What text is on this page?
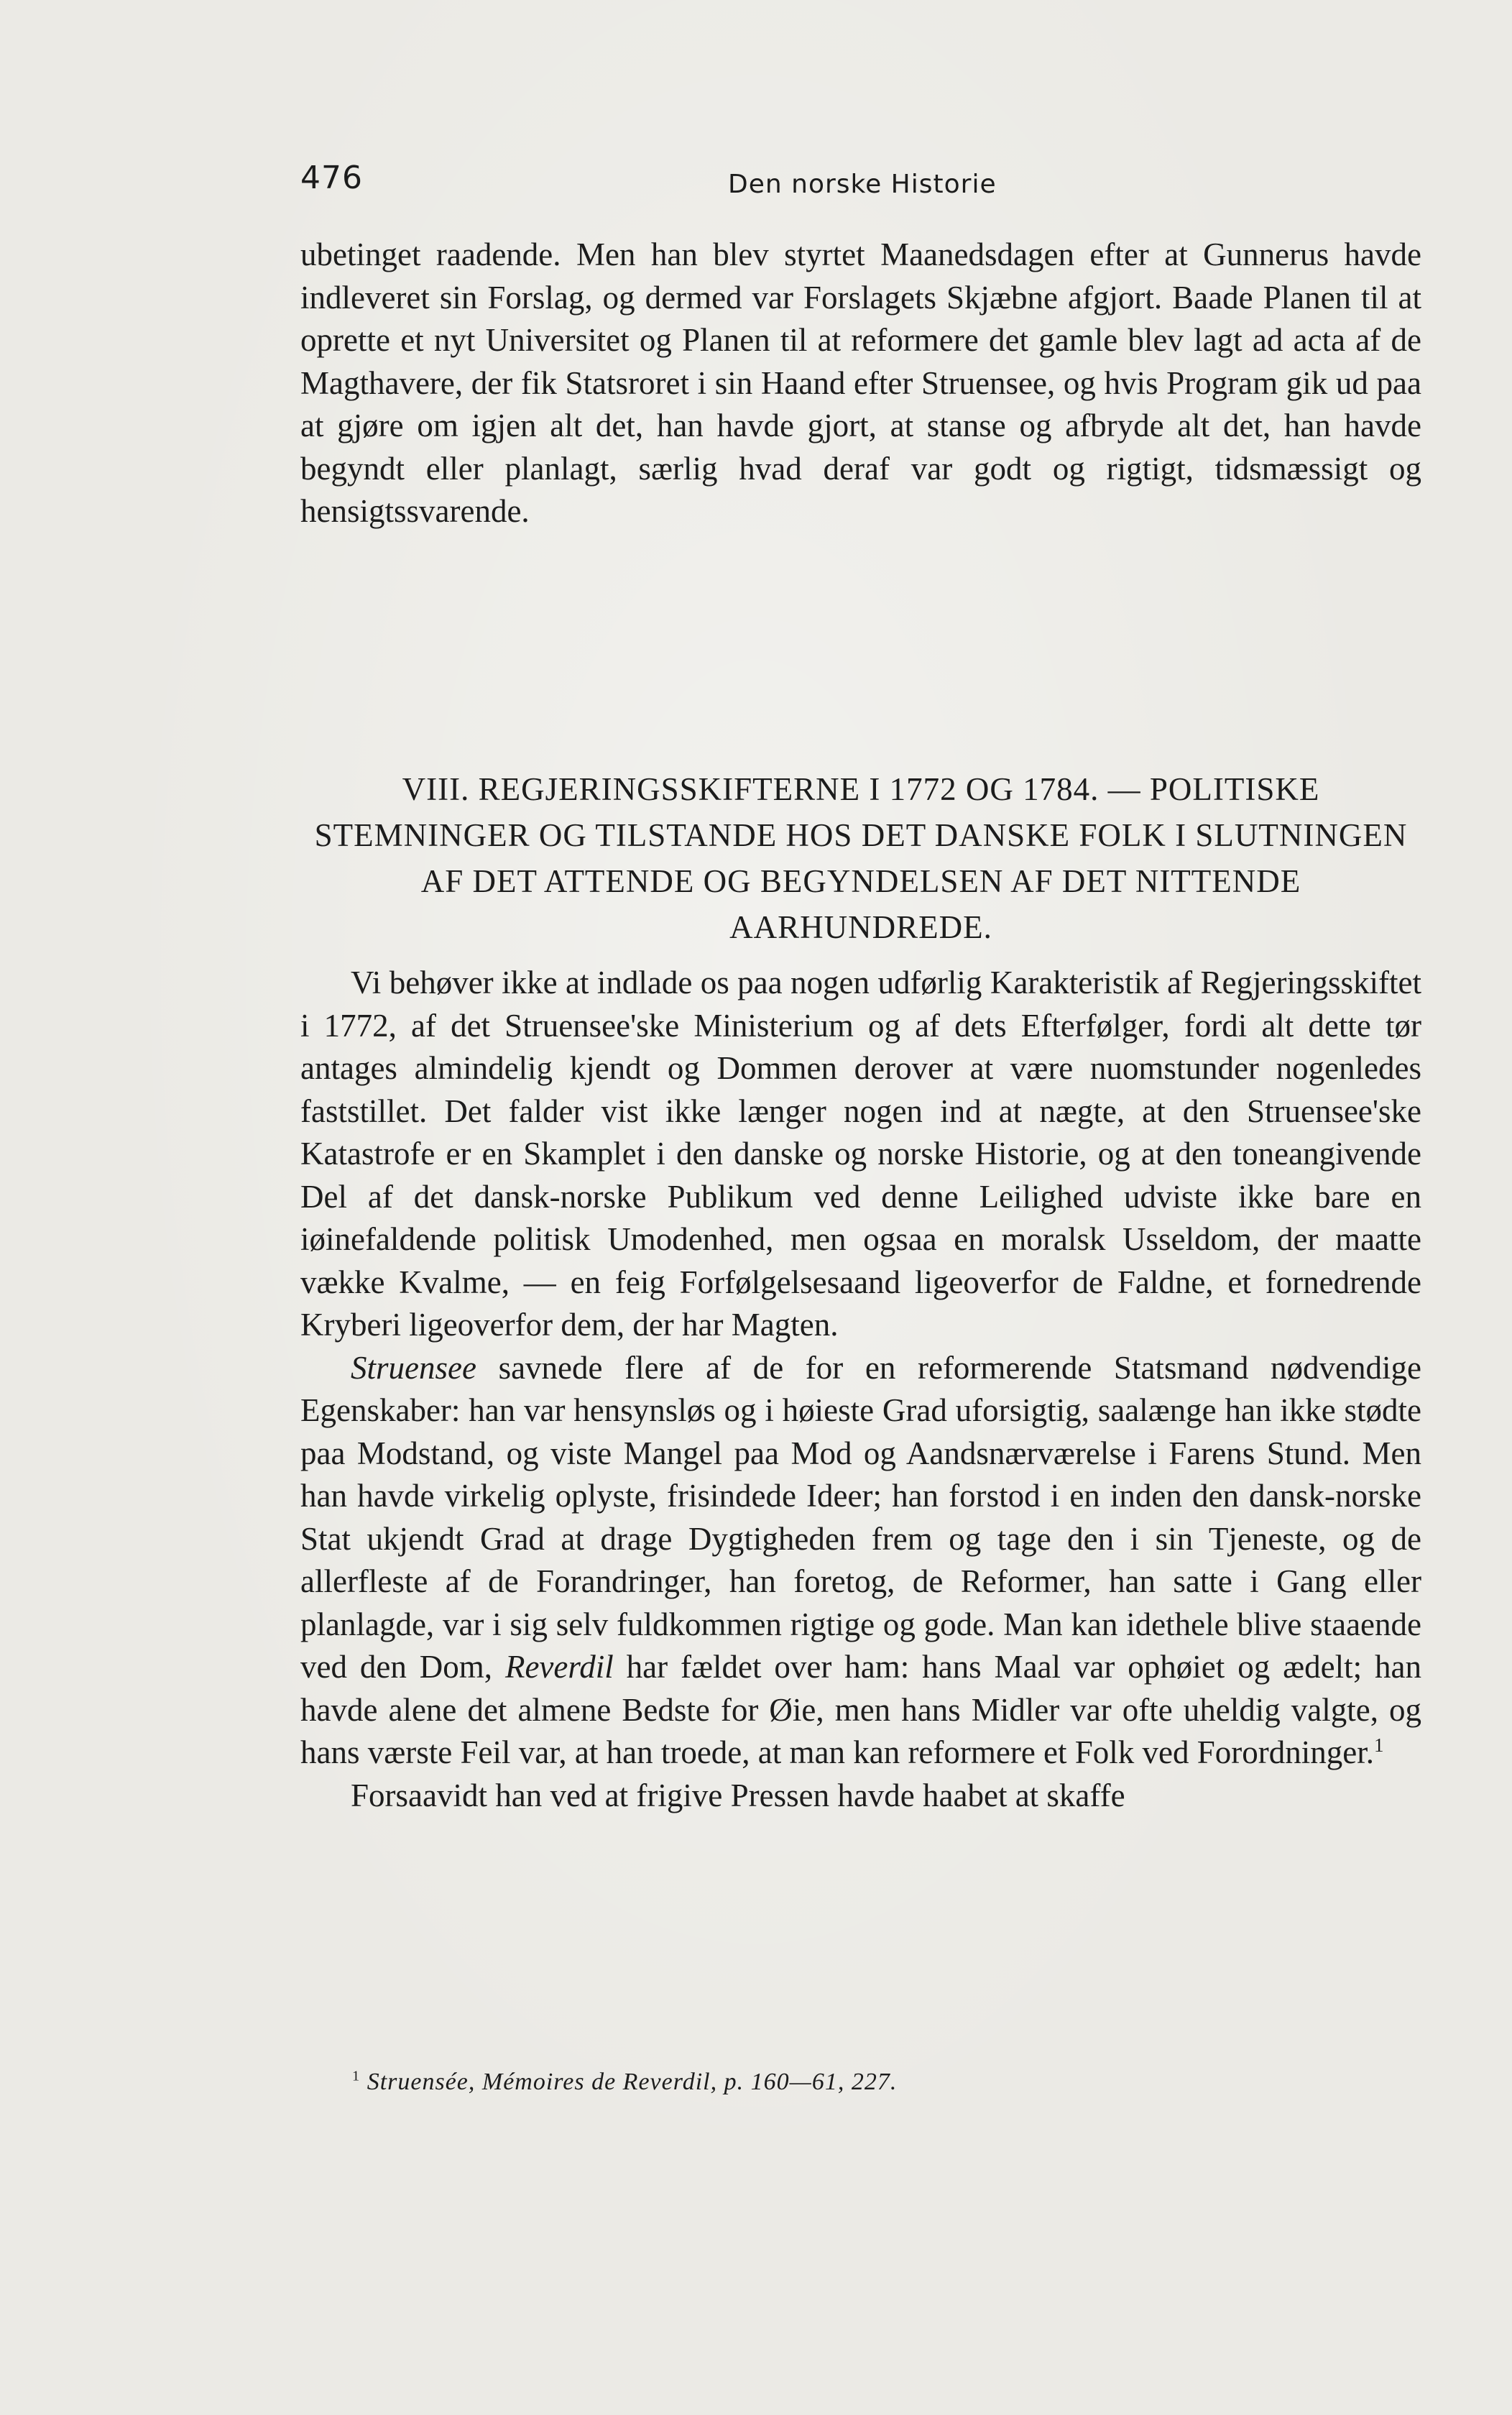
476	Den norske Historie

ubetinget raadende. Men han blev styrtet Maanedsdagen efter at Gunnerus havde indleveret sin Forslag, og dermed var Forslagets Skjæbne afgjort. Baade Planen til at oprette et nyt Universitet og Planen til at reformere det gamle blev lagt ad acta af de Magthavere, der fik Statsroret i sin Haand efter Struensee, og hvis Program gik ud paa at gjøre om igjen alt det, han havde gjort, at stanse og afbryde alt det, han havde begyndt eller planlagt, særlig hvad deraf var godt og rigtigt, tidsmæssigt og hensigtssvarende.

VIII. REGJERINGSSKIFTERNE I 1772 OG 1784. — POLITISKE STEMNINGER OG TILSTANDE HOS DET DANSKE FOLK I SLUTNINGEN AF DET ATTENDE OG BEGYNDELSEN AF DET NITTENDE AARHUNDREDE.

Vi behøver ikke at indlade os paa nogen udførlig Karakteristik af Regjeringsskiftet i 1772, af det Struensee'ske Ministerium og af dets Efterfølger, fordi alt dette tør antages almindelig kjendt og Dommen derover at være nuomstunder nogenledes faststillet. Det falder vist ikke længer nogen ind at nægte, at den Struensee'ske Katastrofe er en Skamplet i den danske og norske Historie, og at den toneangivende Del af det dansk-norske Publikum ved denne Leilighed udviste ikke bare en iøinefaldende politisk Umodenhed, men ogsaa en moralsk Usseldom, der maatte vække Kvalme, — en feig Forfølgelsesaand ligeoverfor de Faldne, et fornedrende Kryberi ligeoverfor dem, der har Magten.

Struensee savnede flere af de for en reformerende Statsmand nødvendige Egenskaber: han var hensynsløs og i høieste Grad uforsigtig, saalænge han ikke stødte paa Modstand, og viste Mangel paa Mod og Aandsnærværelse i Farens Stund. Men han havde virkelig oplyste, frisindede Ideer; han forstod i en inden den dansk-norske Stat ukjendt Grad at drage Dygtigheden frem og tage den i sin Tjeneste, og de allerfleste af de Forandringer, han foretog, de Reformer, han satte i Gang eller planlagde, var i sig selv fuldkommen rigtige og gode. Man kan idethele blive staaende ved den Dom, Reverdil har fældet over ham: hans Maal var ophøiet og ædelt; han havde alene det almene Bedste for Øie, men hans Midler var ofte uheldig valgte, og hans værste Feil var, at han troede, at man kan reformere et Folk ved Forordninger.$^1$

Forsaavidt han ved at frigive Pressen havde haabet at skaffe

$^1$ Struensée, Mémoires de Reverdil, p. 160—61, 227.
